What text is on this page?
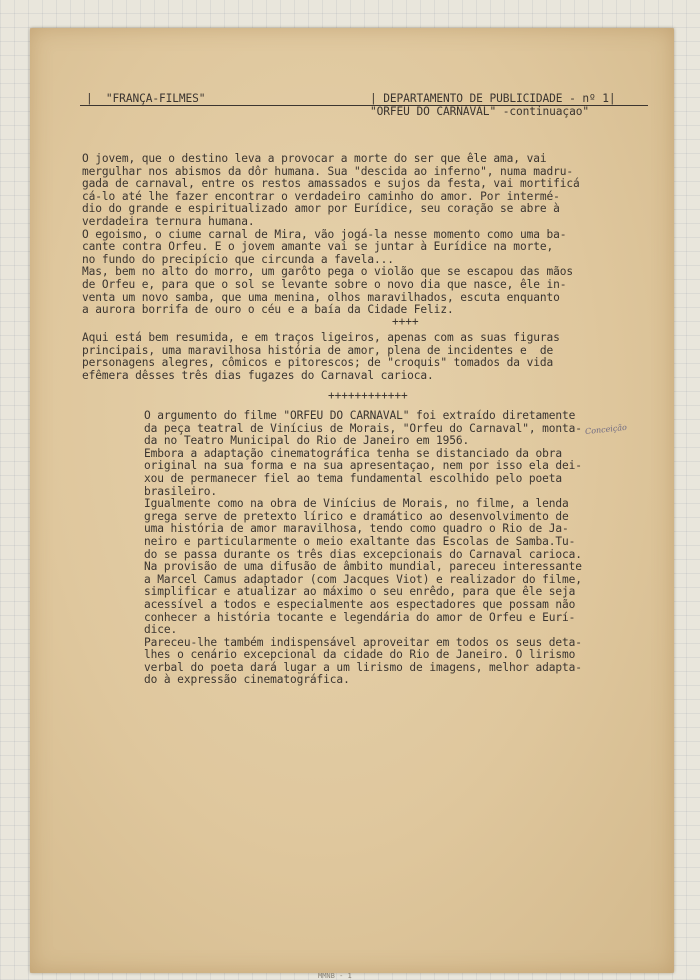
|  "FRANÇA-FILMES"	| DEPARTAMENTO DE PUBLICIDADE - nº 1|
"ORFEU DO CARNAVAL" -continuaçao"
O jovem, que o destino leva a provocar a morte do ser que êle ama, vai
mergulhar nos abismos da dôr humana. Sua "descida ao inferno", numa madru-
gada de carnaval, entre os restos amassados e sujos da festa, vai mortificá
cá-lo até lhe fazer encontrar o verdadeiro caminho do amor. Por intermé-
dio do grande e espiritualizado amor por Eurídice, seu coração se abre à
verdadeira ternura humana.
O egoismo, o ciume carnal de Mira, vão jogá-la nesse momento como uma ba-
cante contra Orfeu. E o jovem amante vai se juntar à Eurídice na morte,
no fundo do precipício que circunda a favela...
Mas, bem no alto do morro, um garôto pega o violão que se escapou das mãos
de Orfeu e, para que o sol se levante sobre o novo dia que nasce, êle in-
venta um novo samba, que uma menina, olhos maravilhados, escuta enquanto
a aurora borrifa de ouro o céu e a baía da Cidade Feliz.
++++
Aqui está bem resumida, e em traços ligeiros, apenas com as suas figuras
principais, uma maravilhosa história de amor, plena de incidentes e  de
personagens alegres, cômicos e pitorescos; de "croquis" tomados da vida
efêmera dêsses três dias fugazes do Carnaval carioca.
++++++++++++
O argumento do filme "ORFEU DO CARNAVAL" foi extraído diretamente
da peça teatral de Vinícius de Morais, "Orfeu do Carnaval", monta-
da no Teatro Municipal do Rio de Janeiro em 1956.
Embora a adaptação cinematográfica tenha se distanciado da obra
original na sua forma e na sua apresentaçao, nem por isso ela dei-
xou de permanecer fiel ao tema fundamental escolhido pelo poeta
brasileiro.
Igualmente como na obra de Vinícius de Morais, no filme, a lenda
grega serve de pretexto lírico e dramático ao desenvolvimento de
uma história de amor maravilhosa, tendo como quadro o Rio de Ja-
neiro e particularmente o meio exaltante das Escolas de Samba.Tu-
do se passa durante os três dias excepcionais do Carnaval carioca.
Na provisão de uma difusão de âmbito mundial, pareceu interessante
a Marcel Camus adaptador (com Jacques Viot) e realizador do filme,
simplificar e atualizar ao máximo o seu enrêdo, para que êle seja
acessível a todos e especialmente aos espectadores que possam não
conhecer a história tocante e legendária do amor de Orfeu e Eurí-
dice.
Pareceu-lhe também indispensável aproveitar em todos os seus deta-
lhes o cenário excepcional da cidade do Rio de Janeiro. O lirismo
verbal do poeta dará lugar a um lirismo de imagens, melhor adapta-
do à expressão cinematográfica.
Conceição
MMNB - 1
